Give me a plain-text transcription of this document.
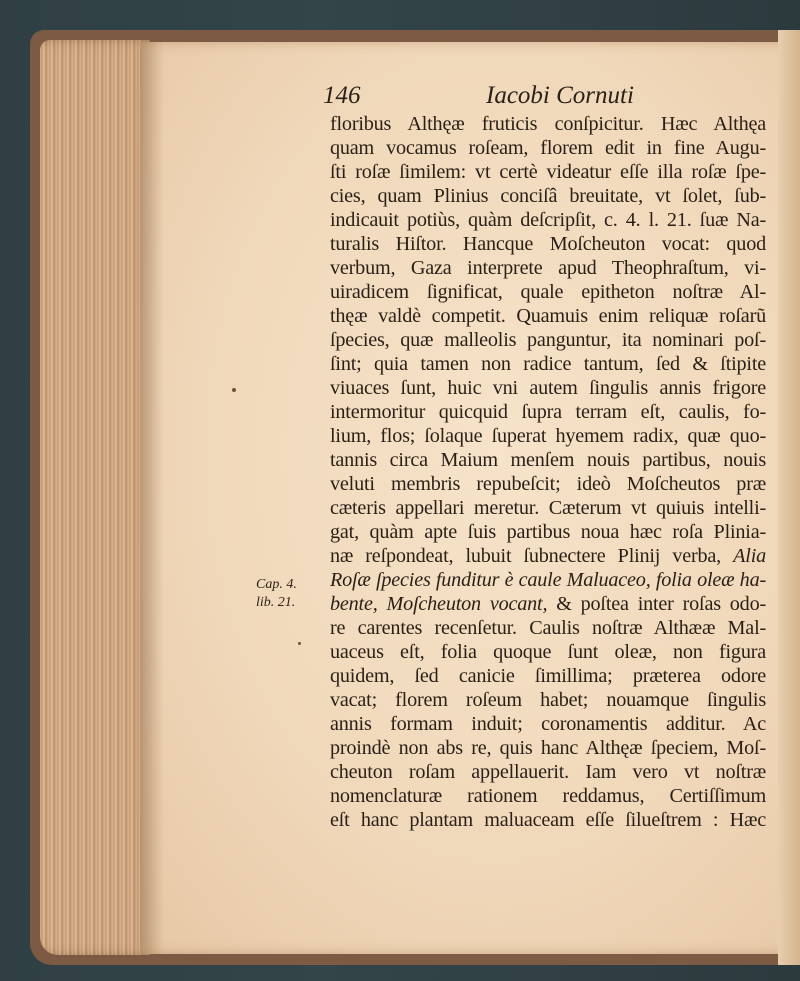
146	Iacobi Cornuti
Cap. 4.
lib. 21.
floribus Althęæ fruticis conſpicitur. Hæc Althęa
quam vocamus roſeam, florem edit in fine Augu-
ſti roſæ ſimilem: vt certè videatur eſſe illa roſæ ſpe-
cies, quam Plinius conciſâ breuitate, vt ſolet, ſub-
indicauit potiùs, quàm deſcripſit, c. 4. l. 21. ſuæ Na-
turalis Hiſtor. Hancque Moſcheuton vocat: quod
verbum, Gaza interprete apud Theophraſtum, vi-
uiradicem ſignificat, quale epitheton noſtræ Al-
thęæ valdè competit. Quamuis enim reliquæ roſarũ
ſpecies, quæ malleolis panguntur, ita nominari poſ-
ſint; quia tamen non radice tantum, ſed & ſtipite
viuaces ſunt, huic vni autem ſingulis annis frigore
intermoritur quicquid ſupra terram eſt, caulis, fo-
lium, flos; ſolaque ſuperat hyemem radix, quæ quo-
tannis circa Maium menſem nouis partibus, nouis
veluti membris repubeſcit; ideò Moſcheutos præ
cæteris appellari meretur. Cæterum vt quiuis intelli-
gat, quàm apte ſuis partibus noua hæc roſa Plinia-
næ reſpondeat, lubuit ſubnectere Plinij verba, Alia
Roſæ ſpecies funditur è caule Maluaceo, folia oleæ ha-
bente, Moſcheuton vocant, & poſtea inter roſas odo-
re carentes recenſetur. Caulis noſtræ Althææ Mal-
uaceus eſt, folia quoque ſunt oleæ, non figura
quidem, ſed canicie ſimillima; præterea odore
vacat; florem roſeum habet; nouamque ſingulis
annis formam induit; coronamentis additur. Ac
proindè non abs re, quis hanc Althęæ ſpeciem, Moſ-
cheuton roſam appellauerit. Iam vero vt noſtræ
nomenclaturæ rationem reddamus, Certiſſimum
eſt hanc plantam maluaceam eſſe ſilueſtrem : Hæc
